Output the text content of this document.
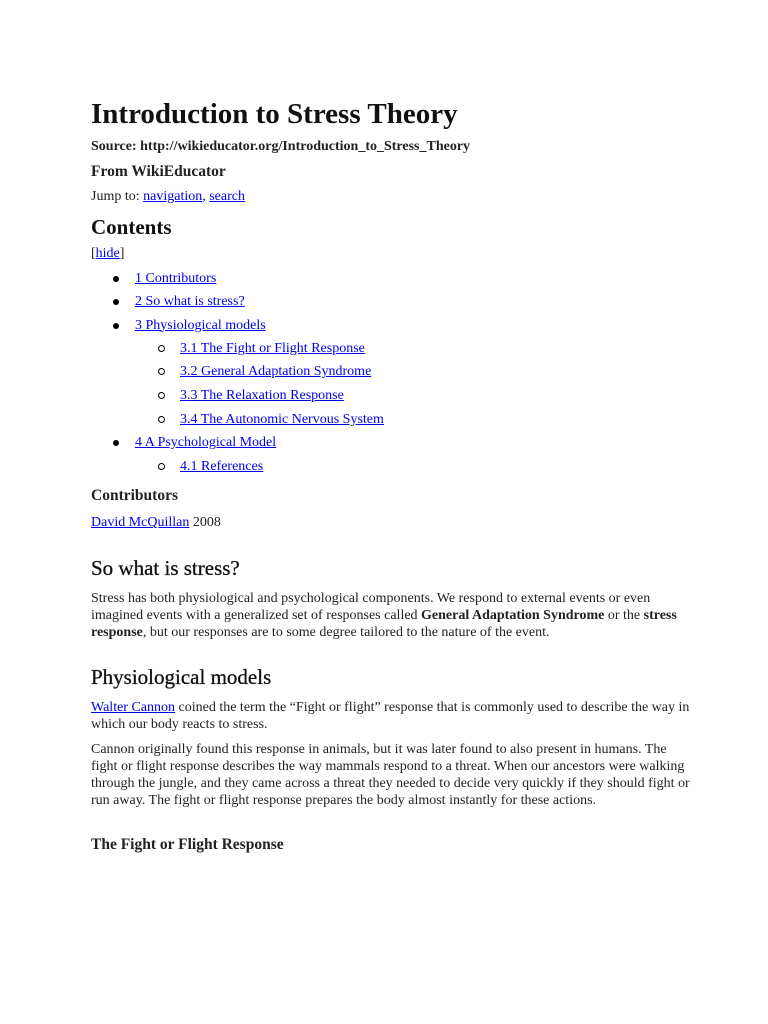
Introduction to Stress Theory
Source: http://wikieducator.org/Introduction_to_Stress_Theory
From WikiEducator
Jump to: navigation, search
Contents
[hide]
1 Contributors
2 So what is stress?
3 Physiological models
3.1 The Fight or Flight Response
3.2 General Adaptation Syndrome
3.3 The Relaxation Response
3.4 The Autonomic Nervous System
4 A Psychological Model
4.1 References
Contributors
David McQuillan 2008
So what is stress?

Stress has both physiological and psychological components. We respond to external events or even imagined events with a generalized set of responses called General Adaptation Syndrome or the stress response, but our responses are to some degree tailored to the nature of the event.

Physiological models

Walter Cannon coined the term the “Fight or flight” response that is commonly used to describe the way in which our body reacts to stress.

Cannon originally found this response in animals, but it was later found to also present in humans. The fight or flight response describes the way mammals respond to a threat. When our ancestors were walking through the jungle, and they came across a threat they needed to decide very quickly if they should fight or run away. The fight or flight response prepares the body almost instantly for these actions.

The Fight or Flight Response
